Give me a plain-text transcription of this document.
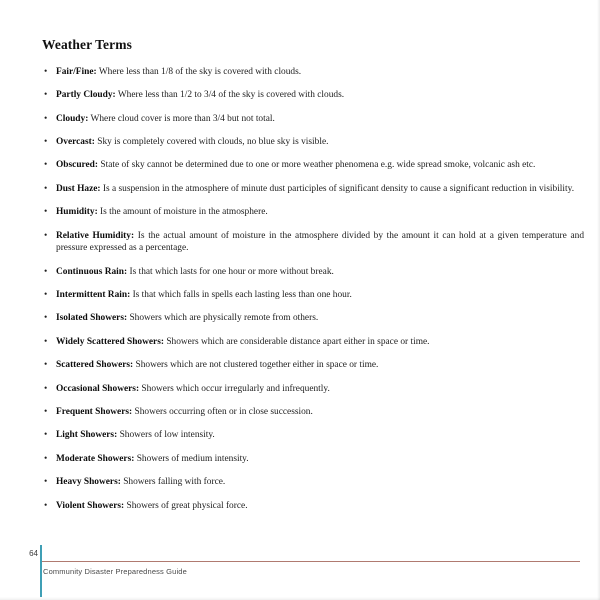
Weather Terms
• Fair/Fine: Where less than 1/8 of the sky is covered with clouds.
• Partly Cloudy: Where less than 1/2 to 3/4 of the sky is covered with clouds.
• Cloudy: Where cloud cover is more than 3/4 but not total.
• Overcast: Sky is completely covered with clouds, no blue sky is visible.
• Obscured: State of sky cannot be determined due to one or more weather phenomena e.g. wide spread smoke, volcanic ash etc.
• Dust Haze: Is a suspension in the atmosphere of minute dust participles of significant density to cause a significant reduction in visibility.
• Humidity: Is the amount of moisture in the atmosphere.
• Relative Humidity: Is the actual amount of moisture in the atmosphere divided by the amount it can hold at a given temperature and pressure expressed as a percentage.
• Continuous Rain: Is that which lasts for one hour or more without break.
• Intermittent Rain: Is that which falls in spells each lasting less than one hour.
• Isolated Showers: Showers which are physically remote from others.
• Widely Scattered Showers: Showers which are considerable distance apart either in space or time.
• Scattered Showers: Showers which are not clustered together either in space or time.
• Occasional Showers: Showers which occur irregularly and infrequently.
• Frequent Showers: Showers occurring often or in close succession.
• Light Showers: Showers of low intensity.
• Moderate Showers: Showers of medium intensity.
• Heavy Showers: Showers falling with force.
• Violent Showers: Showers of great physical force.
64
Community Disaster Preparedness Guide
